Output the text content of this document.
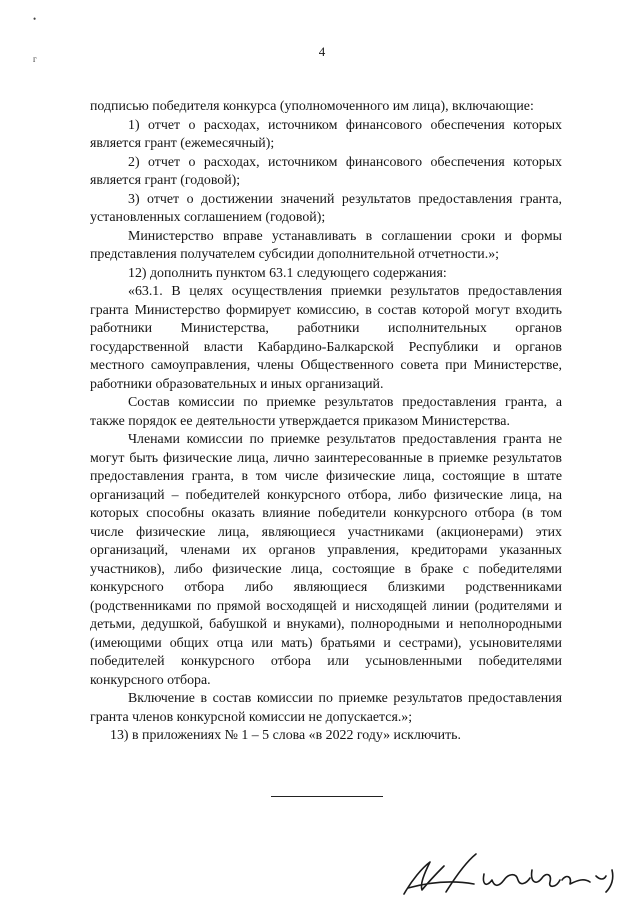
•
г	4

подписью победителя конкурса (уполномоченного им лица), включающие:

1) отчет о расходах, источником финансового обеспечения которых является грант (ежемесячный);

2) отчет о расходах, источником финансового обеспечения которых является грант (годовой);

3) отчет о достижении значений результатов предоставления гранта, установленных соглашением (годовой);

Министерство вправе устанавливать в соглашении сроки и формы представления получателем субсидии дополнительной отчетности.»;

12) дополнить пунктом 63.1 следующего содержания:

«63.1. В целях осуществления приемки результатов предоставления гранта Министерство формирует комиссию, в состав которой могут входить работники Министерства, работники исполнительных органов государственной власти Кабардино-Балкарской Республики и органов местного самоуправления, члены Общественного совета при Министерстве, работники образовательных и иных организаций.

Состав комиссии по приемке результатов предоставления гранта, а также порядок ее деятельности утверждается приказом Министерства.

Членами комиссии по приемке результатов предоставления гранта не могут быть физические лица, лично заинтересованные в приемке результатов предоставления гранта, в том числе физические лица, состоящие в штате организаций – победителей конкурсного отбора, либо физические лица, на которых способны оказать влияние победители конкурсного отбора (в том числе физические лица, являющиеся участниками (акционерами) этих организаций, членами их органов управления, кредиторами указанных участников), либо физические лица, состоящие в браке с победителями конкурсного отбора либо являющиеся близкими родственниками (родственниками по прямой восходящей и нисходящей линии (родителями и детьми, дедушкой, бабушкой и внуками), полнородными и неполнородными (имеющими общих отца или мать) братьями и сестрами), усыновителями победителей конкурсного отбора или усыновленными победителями конкурсного отбора.

Включение в состав комиссии по приемке результатов предоставления гранта членов конкурсной комиссии не допускается.»;

13) в приложениях № 1 – 5 слова «в 2022 году» исключить.
